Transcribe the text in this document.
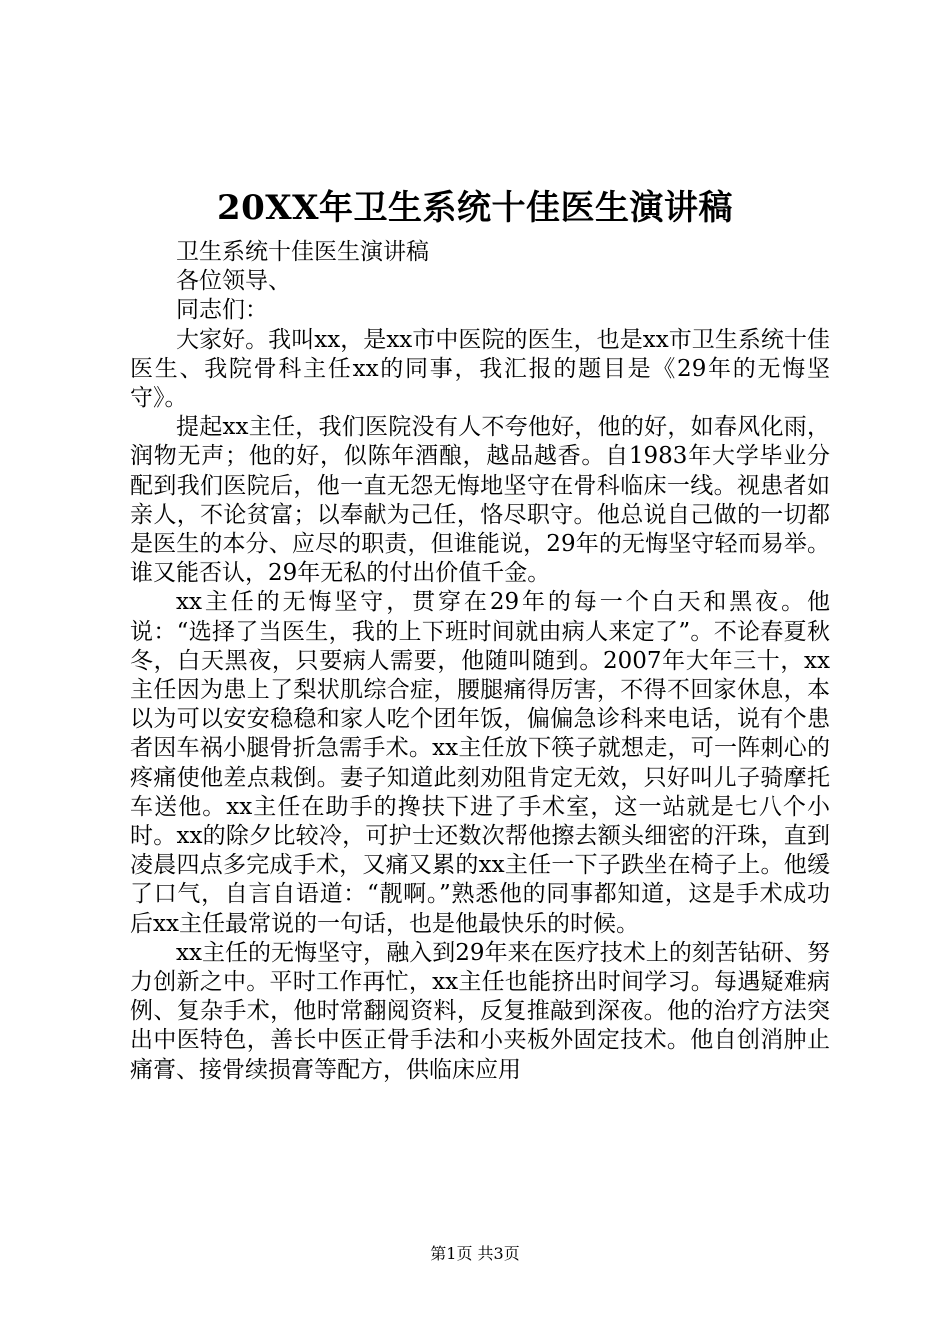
20XX年卫生系统十佳医生演讲稿

卫生系统十佳医生演讲稿

各位领导、

同志们：

大家好。我叫xx，是xx市中医院的医生，也是xx市卫生系统十佳医生、我院骨科主任xx的同事，我汇报的题目是《29年的无悔坚守》。

提起xx主任，我们医院没有人不夸他好，他的好，如春风化雨，润物无声；他的好，似陈年酒酿，越品越香。自1983年大学毕业分配到我们医院后，他一直无怨无悔地坚守在骨科临床一线。视患者如亲人，不论贫富；以奉献为己任，恪尽职守。他总说自己做的一切都是医生的本分、应尽的职责，但谁能说，29年的无悔坚守轻而易举。谁又能否认，29年无私的付出价值千金。

xx主任的无悔坚守，贯穿在29年的每一个白天和黑夜。他说：“选择了当医生，我的上下班时间就由病人来定了”。不论春夏秋冬，白天黑夜，只要病人需要，他随叫随到。2007年大年三十，xx主任因为患上了梨状肌综合症，腰腿痛得厉害，不得不回家休息，本以为可以安安稳稳和家人吃个团年饭，偏偏急诊科来电话，说有个患者因车祸小腿骨折急需手术。xx主任放下筷子就想走，可一阵刺心的疼痛使他差点栽倒。妻子知道此刻劝阻肯定无效，只好叫儿子骑摩托车送他。xx主任在助手的搀扶下进了手术室，这一站就是七八个小时。xx的除夕比较冷，可护士还数次帮他擦去额头细密的汗珠，直到凌晨四点多完成手术，又痛又累的xx主任一下子跌坐在椅子上。他缓了口气，自言自语道：“靓啊。”熟悉他的同事都知道，这是手术成功后xx主任最常说的一句话，也是他最快乐的时候。

xx主任的无悔坚守，融入到29年来在医疗技术上的刻苦钻研、努力创新之中。平时工作再忙，xx主任也能挤出时间学习。每遇疑难病例、复杂手术，他时常翻阅资料，反复推敲到深夜。他的治疗方法突出中医特色，善长中医正骨手法和小夹板外固定技术。他自创消肿止痛膏、接骨续损膏等配方，供临床应用

第1页 共3页
